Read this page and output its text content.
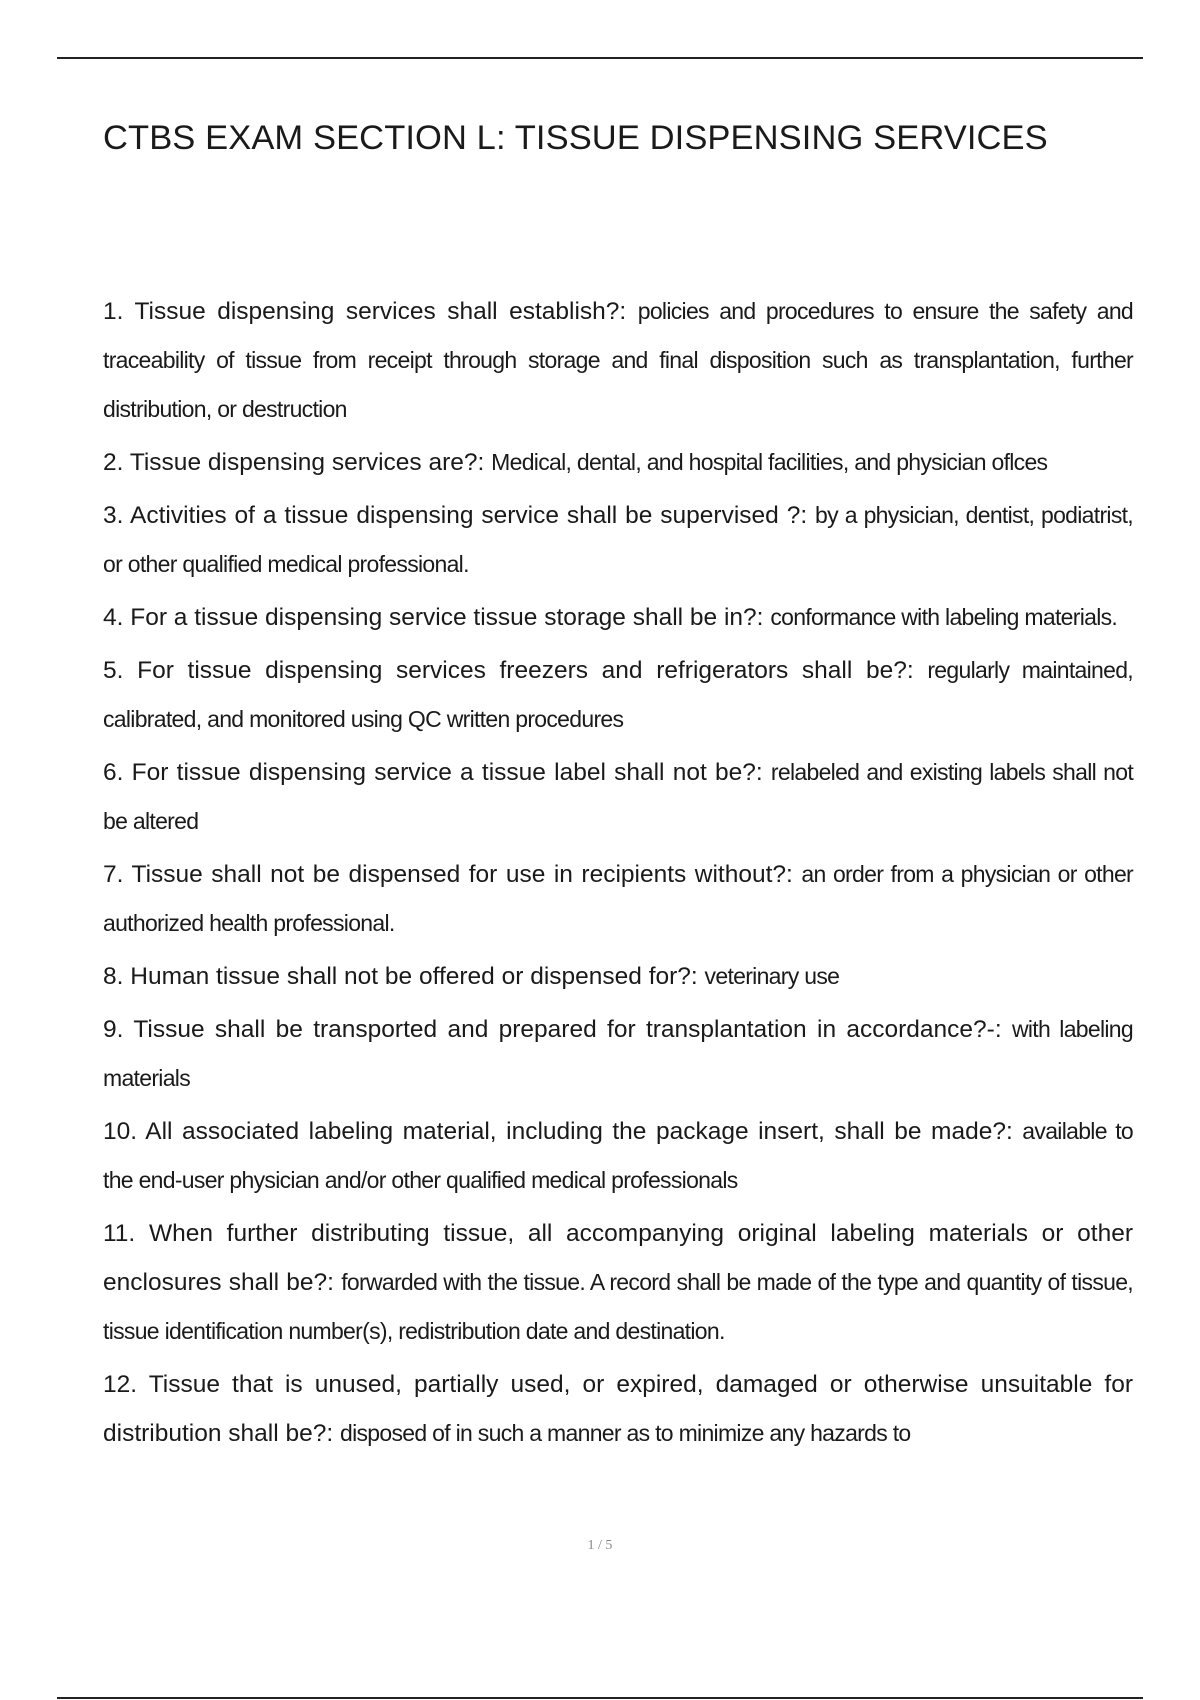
CTBS EXAM SECTION L: TISSUE DISPENSING SERVICES
1. Tissue dispensing services shall establish?: policies and procedures to ensure the safety and traceability of tissue from receipt through storage and final disposition such as transplantation, further distribution, or destruction
2. Tissue dispensing services are?: Medical, dental, and hospital facilities, and physician oflces
3. Activities of a tissue dispensing service shall be supervised ?: by a physician, dentist, podiatrist, or other qualified medical professional.
4. For a tissue dispensing service tissue storage shall be in?: conformance with labeling materials.
5. For tissue dispensing services freezers and refrigerators shall be?: regularly maintained, calibrated, and monitored using QC written procedures
6. For tissue dispensing service a tissue label shall not be?: relabeled and existing labels shall not be altered
7. Tissue shall not be dispensed for use in recipients without?: an order from a physician or other authorized health professional.
8. Human tissue shall not be offered or dispensed for?: veterinary use
9. Tissue shall be transported and prepared for transplantation in accordance?-: with labeling materials
10. All associated labeling material, including the package insert, shall be made?: available to the end-user physician and/or other qualified medical professionals
11. When further distributing tissue, all accompanying original labeling materials or other enclosures shall be?: forwarded with the tissue. A record shall be made of the type and quantity of tissue, tissue identification number(s), redistribution date and destination.
12. Tissue that is unused, partially used, or expired, damaged or otherwise unsuitable for distribution shall be?: disposed of in such a manner as to minimize any hazards to
1 / 5
